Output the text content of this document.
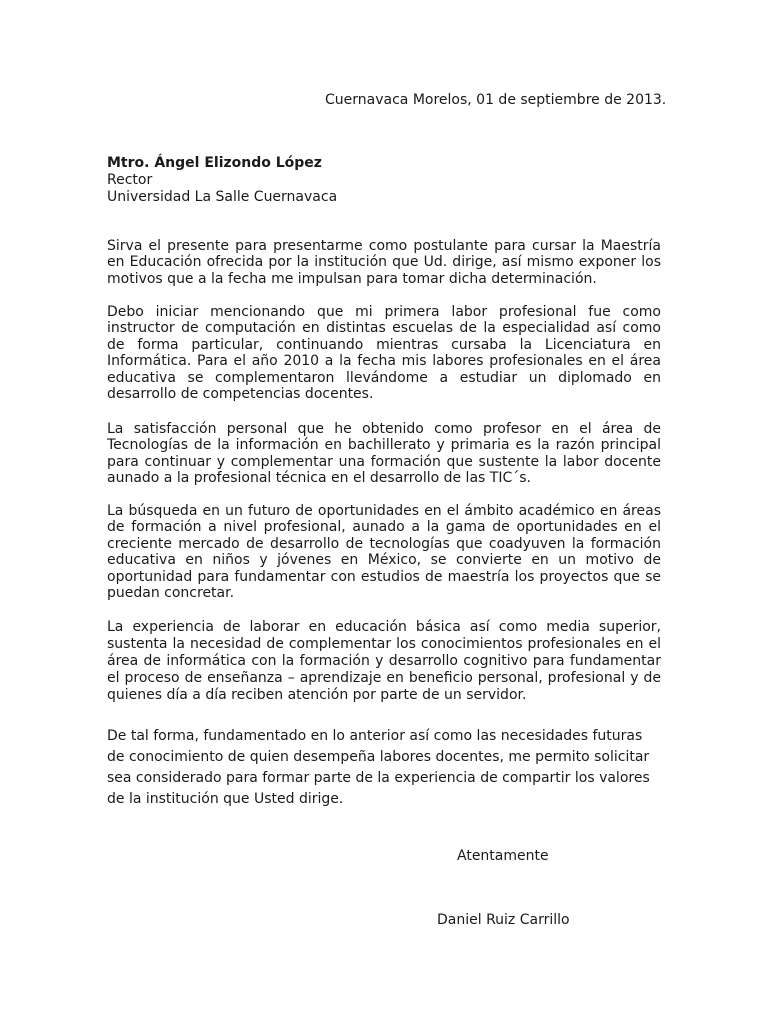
Cuernavaca Morelos, 01 de septiembre de 2013.
Mtro. Ángel Elizondo López
Rector
Universidad La Salle Cuernavaca

Sirva el presente para presentarme como postulante para cursar la Maestría en Educación ofrecida por la institución que Ud. dirige, así mismo exponer los motivos que a la fecha me impulsan para tomar dicha determinación.

Debo iniciar mencionando que mi primera labor profesional fue como instructor de computación en distintas escuelas de la especialidad así como de forma particular, continuando mientras cursaba la Licenciatura en Informática. Para el año 2010 a la fecha mis labores profesionales en el área educativa se complementaron llevándome a estudiar un diplomado en desarrollo de competencias docentes.

La satisfacción personal que he obtenido como profesor en el área de Tecnologías de la información en bachillerato y primaria es la razón principal para continuar y complementar una formación que sustente la labor docente aunado a la profesional técnica en el desarrollo de las TIC´s.

La búsqueda en un futuro de oportunidades en el ámbito académico en áreas de formación a nivel profesional, aunado a la gama de oportunidades en el creciente mercado de desarrollo de tecnologías que coadyuven la formación educativa en niños y jóvenes en México, se convierte en un motivo de oportunidad para fundamentar con estudios de maestría los proyectos que se puedan concretar.

La experiencia de laborar en educación básica así como media superior, sustenta la necesidad de complementar los conocimientos profesionales en el área de informática con la formación y desarrollo cognitivo para fundamentar el proceso de enseñanza – aprendizaje en beneficio personal, profesional y de quienes día a día reciben atención por parte de un servidor.

De tal forma, fundamentado en lo anterior así como las necesidades futuras de conocimiento de quien desempeña labores docentes, me permito solicitar sea considerado para formar parte de la experiencia de compartir los valores de la institución que Usted dirige.

Atentamente
Daniel Ruiz Carrillo
